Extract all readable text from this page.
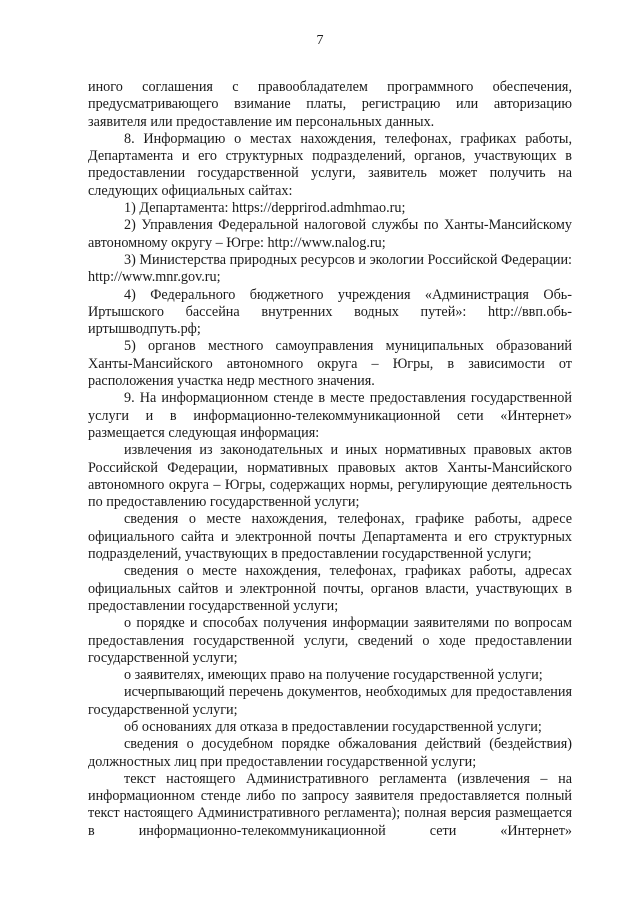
7

иного соглашения с правообладателем программного обеспечения, предусматривающего взимание платы, регистрацию или авторизацию заявителя или предоставление им персональных данных.

8. Информацию о местах нахождения, телефонах, графиках работы, Департамента и его структурных подразделений, органов, участвующих в предоставлении государственной услуги, заявитель может получить на следующих официальных сайтах:

1) Департамента: https://depprirod.admhmao.ru;

2) Управления Федеральной налоговой службы по Ханты-Мансийскому автономному округу – Югре: http://www.nalog.ru;

3) Министерства природных ресурсов и экологии Российской Федерации: http://www.mnr.gov.ru;

4) Федерального бюджетного учреждения «Администрация Обь-Иртышского бассейна внутренних водных путей»: http://ввп.обь-иртышводпуть.рф;

5) органов местного самоуправления муниципальных образований Ханты-Мансийского автономного округа – Югры, в зависимости от расположения участка недр местного значения.

9. На информационном стенде в месте предоставления государственной услуги и в информационно-телекоммуникационной сети «Интернет» размещается следующая информация:

извлечения из законодательных и иных нормативных правовых актов Российской Федерации, нормативных правовых актов Ханты-Мансийского автономного округа – Югры, содержащих нормы, регулирующие деятельность по предоставлению государственной услуги;

сведения о месте нахождения, телефонах, графике работы, адресе официального сайта и электронной почты Департамента и его структурных подразделений, участвующих в предоставлении государственной услуги;

сведения о месте нахождения, телефонах, графиках работы, адресах официальных сайтов и электронной почты, органов власти, участвующих в предоставлении государственной услуги;

о порядке и способах получения информации заявителями по вопросам предоставления государственной услуги, сведений о ходе предоставлении государственной услуги;

о заявителях, имеющих право на получение государственной услуги;

исчерпывающий перечень документов, необходимых для предоставления государственной услуги;

об основаниях для отказа в предоставлении государственной услуги;

сведения о досудебном порядке обжалования действий (бездействия) должностных лиц при предоставлении государственной услуги;

текст настоящего Административного регламента (извлечения – на информационном стенде либо по запросу заявителя предоставляется полный текст настоящего Административного регламента); полная версия размещается в информационно-телекоммуникационной сети «Интернет»
